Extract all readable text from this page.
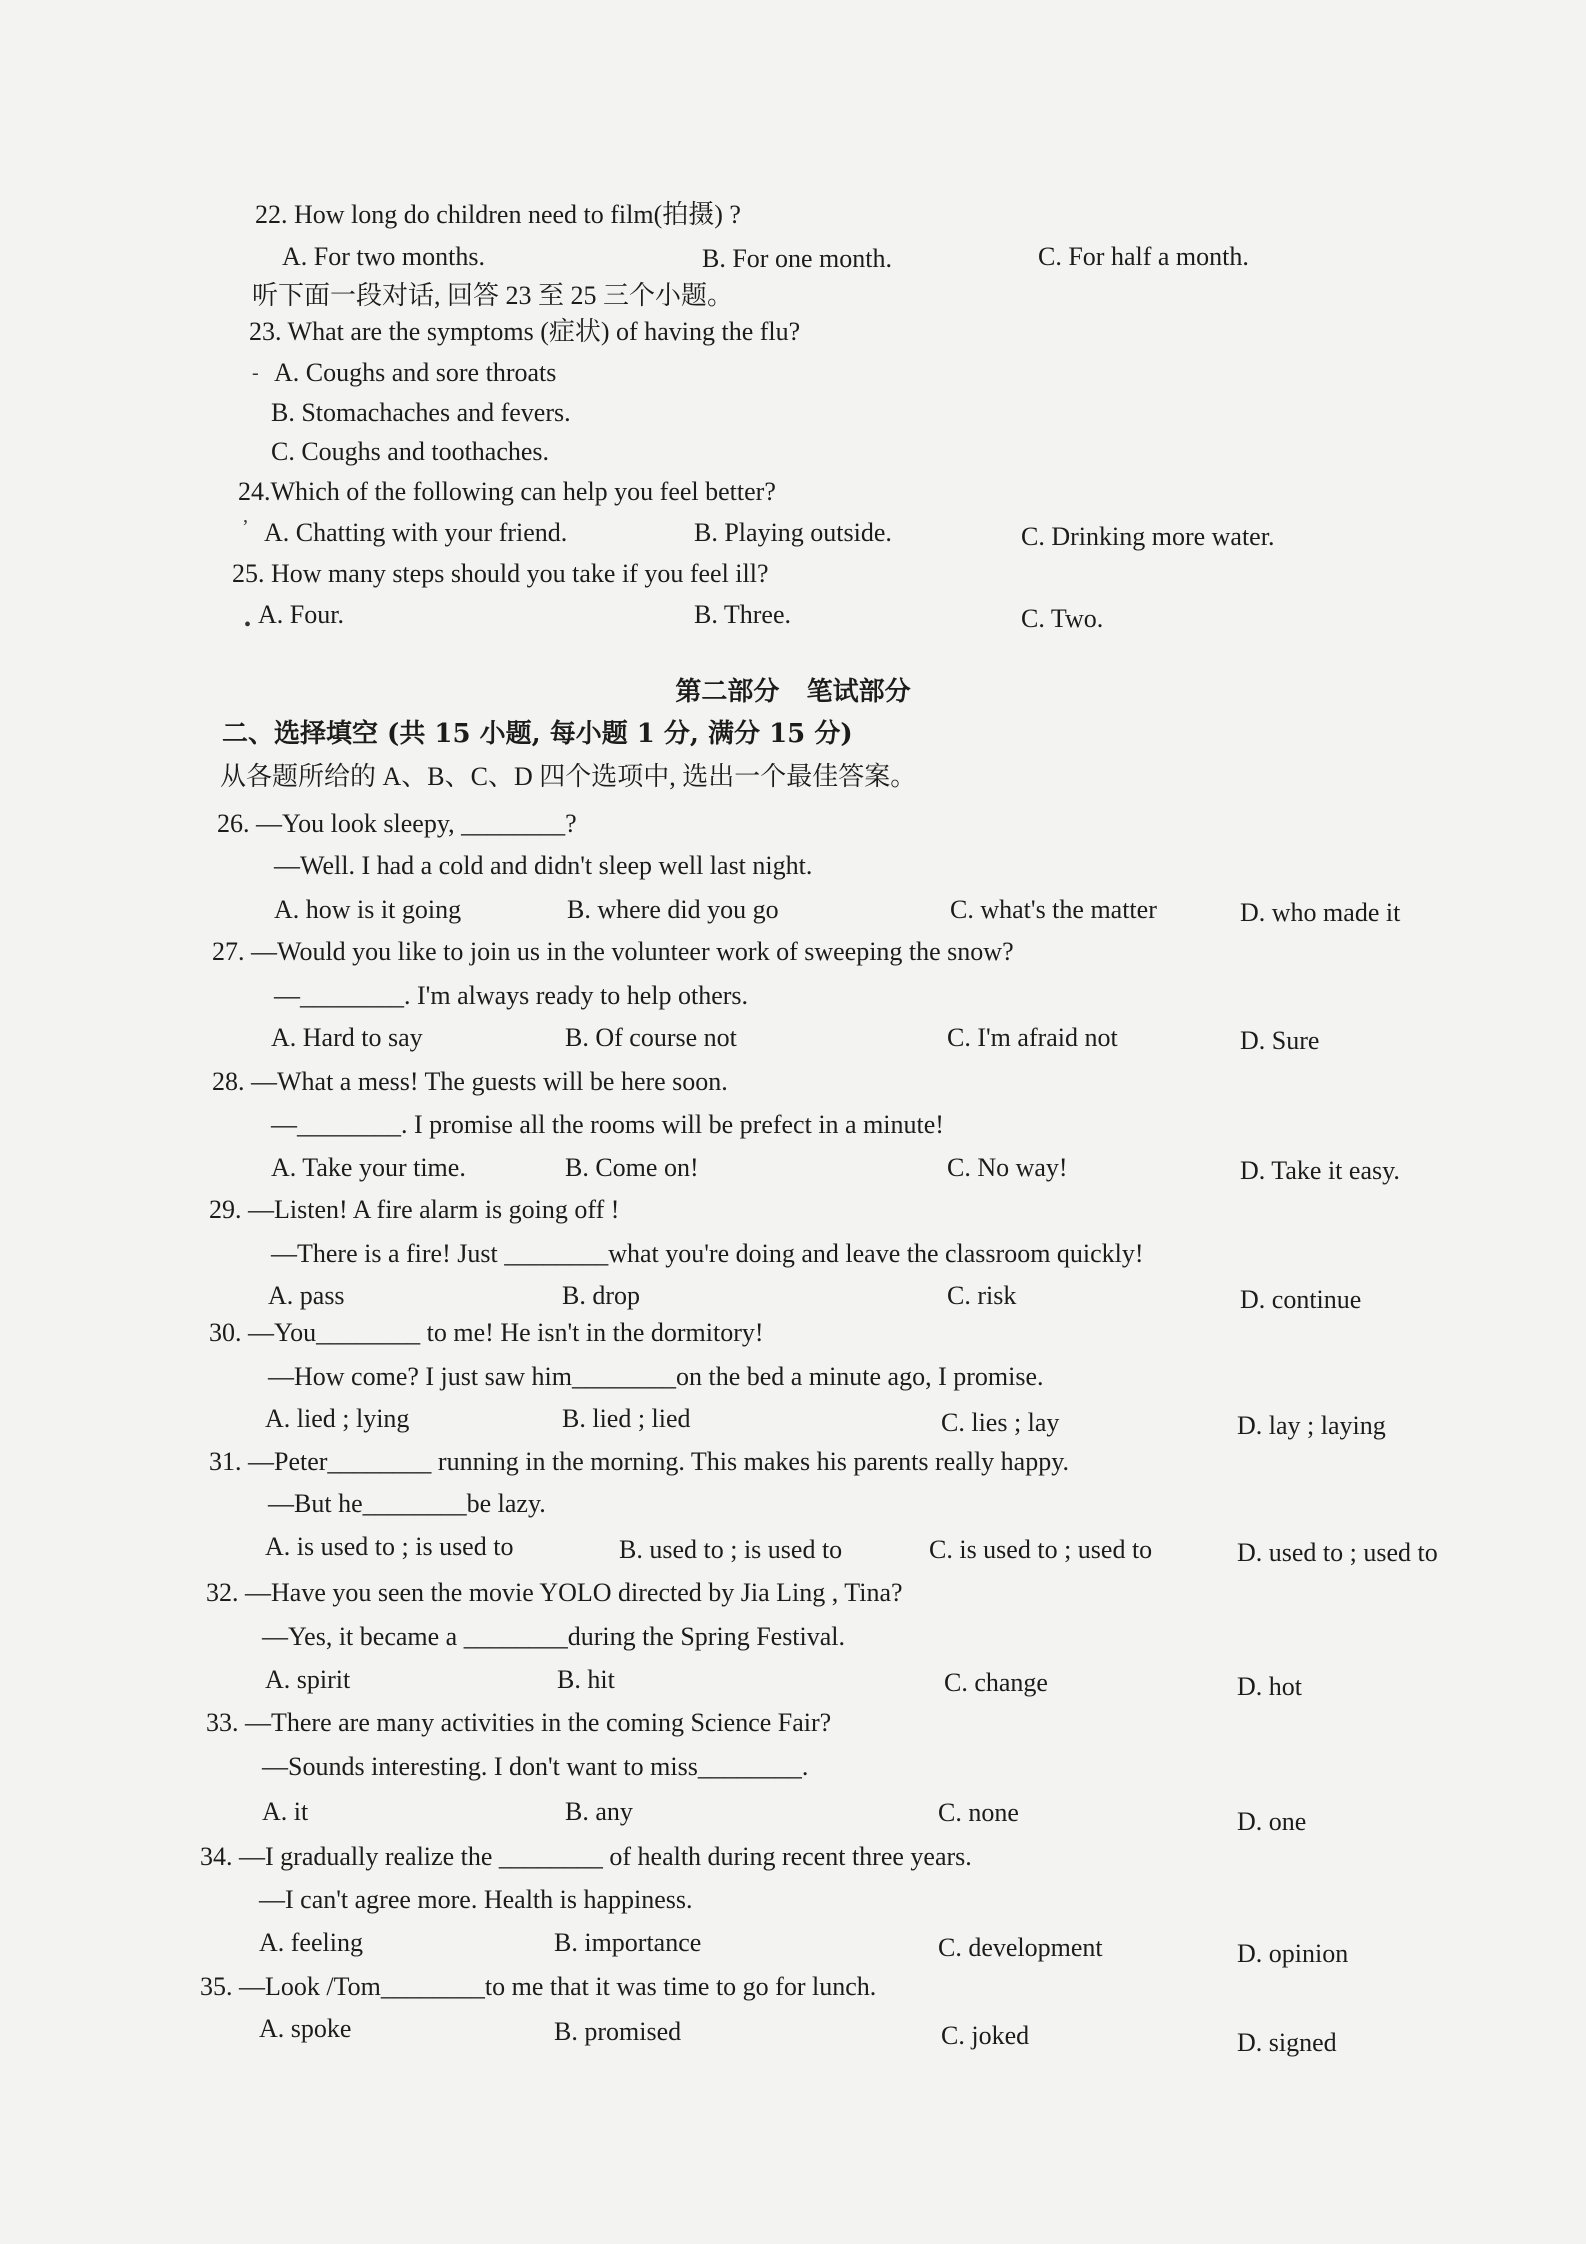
22. How long do children need to film(拍摄) ?
A. For two months.	B. For one month.	C. For half a month.
听下面一段对话, 回答 23 至 25 三个小题。
23. What are the symptoms (症状) of having the flu?
- A. Coughs and sore throats
B. Stomachaches and fevers.
C. Coughs and toothaches.
24.Which of the following can help you feel better?
’ A. Chatting with your friend.	B. Playing outside.	C. Drinking more water.
25. How many steps should you take if you feel ill?
• A. Four.	B. Three.	C. Two.
第二部分   笔试部分
二、选择填空 (共 15 小题, 每小题 1 分, 满分 15 分)
从各题所给的 A、B、C、D 四个选项中, 选出一个最佳答案。
26. —You look sleepy, ________?
—Well. I had a cold and didn't sleep well last night.
A. how is it going	B. where did you go	C. what's the matter	D. who made it
27. —Would you like to join us in the volunteer work of sweeping the snow?
—________. I'm always ready to help others.
A. Hard to say	B. Of course not	C. I'm afraid not	D. Sure
28. —What a mess! The guests will be here soon.
—________. I promise all the rooms will be prefect in a minute!
A. Take your time.	B. Come on!	C. No way!	D. Take it easy.
29. —Listen! A fire alarm is going off !
—There is a fire! Just ________what you're doing and leave the classroom quickly!
A. pass	B. drop	C. risk	D. continue
30. —You________ to me! He isn't in the dormitory!
—How come? I just saw him________on the bed a minute ago, I promise.
A. lied ; lying	B. lied ; lied	C. lies ; lay	D. lay ; laying
31. —Peter________ running in the morning. This makes his parents really happy.
—But he________be lazy.
A. is used to ; is used to	B. used to ; is used to	C. is used to ; used to	D. used to ; used to
32. —Have you seen the movie YOLO directed by Jia Ling , Tina?
—Yes, it became a ________during the Spring Festival.
A. spirit	B. hit	C. change	D. hot
33. —There are many activities in the coming Science Fair?
—Sounds interesting. I don't want to miss________.
A. it	B. any	C. none	D. one
34. —I gradually realize the ________ of health during recent three years.
—I can't agree more. Health is happiness.
A. feeling	B. importance	C. development	D. opinion
35. —Look /Tom________to me that it was time to go for lunch.
A. spoke	B. promised	C. joked	D. signed
